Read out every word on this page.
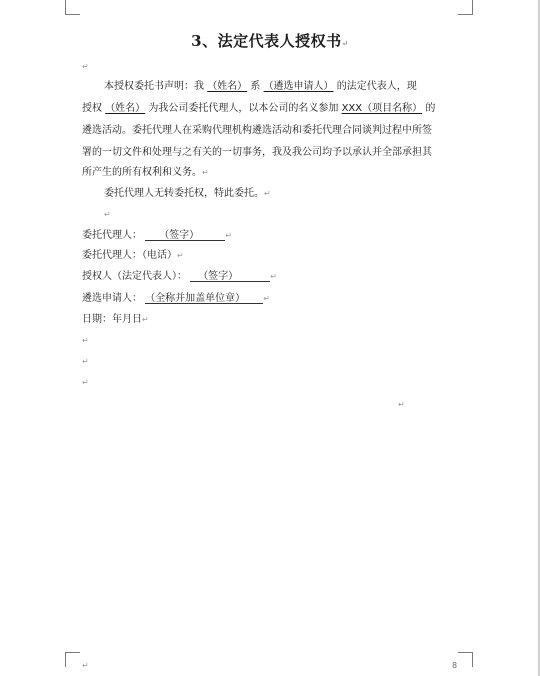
3、法定代表人授权书↵
↵
本授权委托书声明：我 （姓名） 系 （遴选申请人） 的法定代表人，现
授权 （姓名） 为我公司委托代理人，以本公司的名义参加 XXX（项目名称） 的
遴选活动。委托代理人在采购代理机构遴选活动和委托代理合同谈判过程中所签
署的一切文件和处理与之有关的一切事务，我及我公司均予以承认并全部承担其
所产生的所有权利和义务。↵
委托代理人无转委托权，特此委托。↵
↵
委托代理人： （签字）	↵
委托代理人：（电话）↵
授权人（法定代表人）： （签字）	↵
遴选申请人： （全称并加盖单位章） ↵
日期：年月日↵
↵
↵
↵
↵
↵	8
